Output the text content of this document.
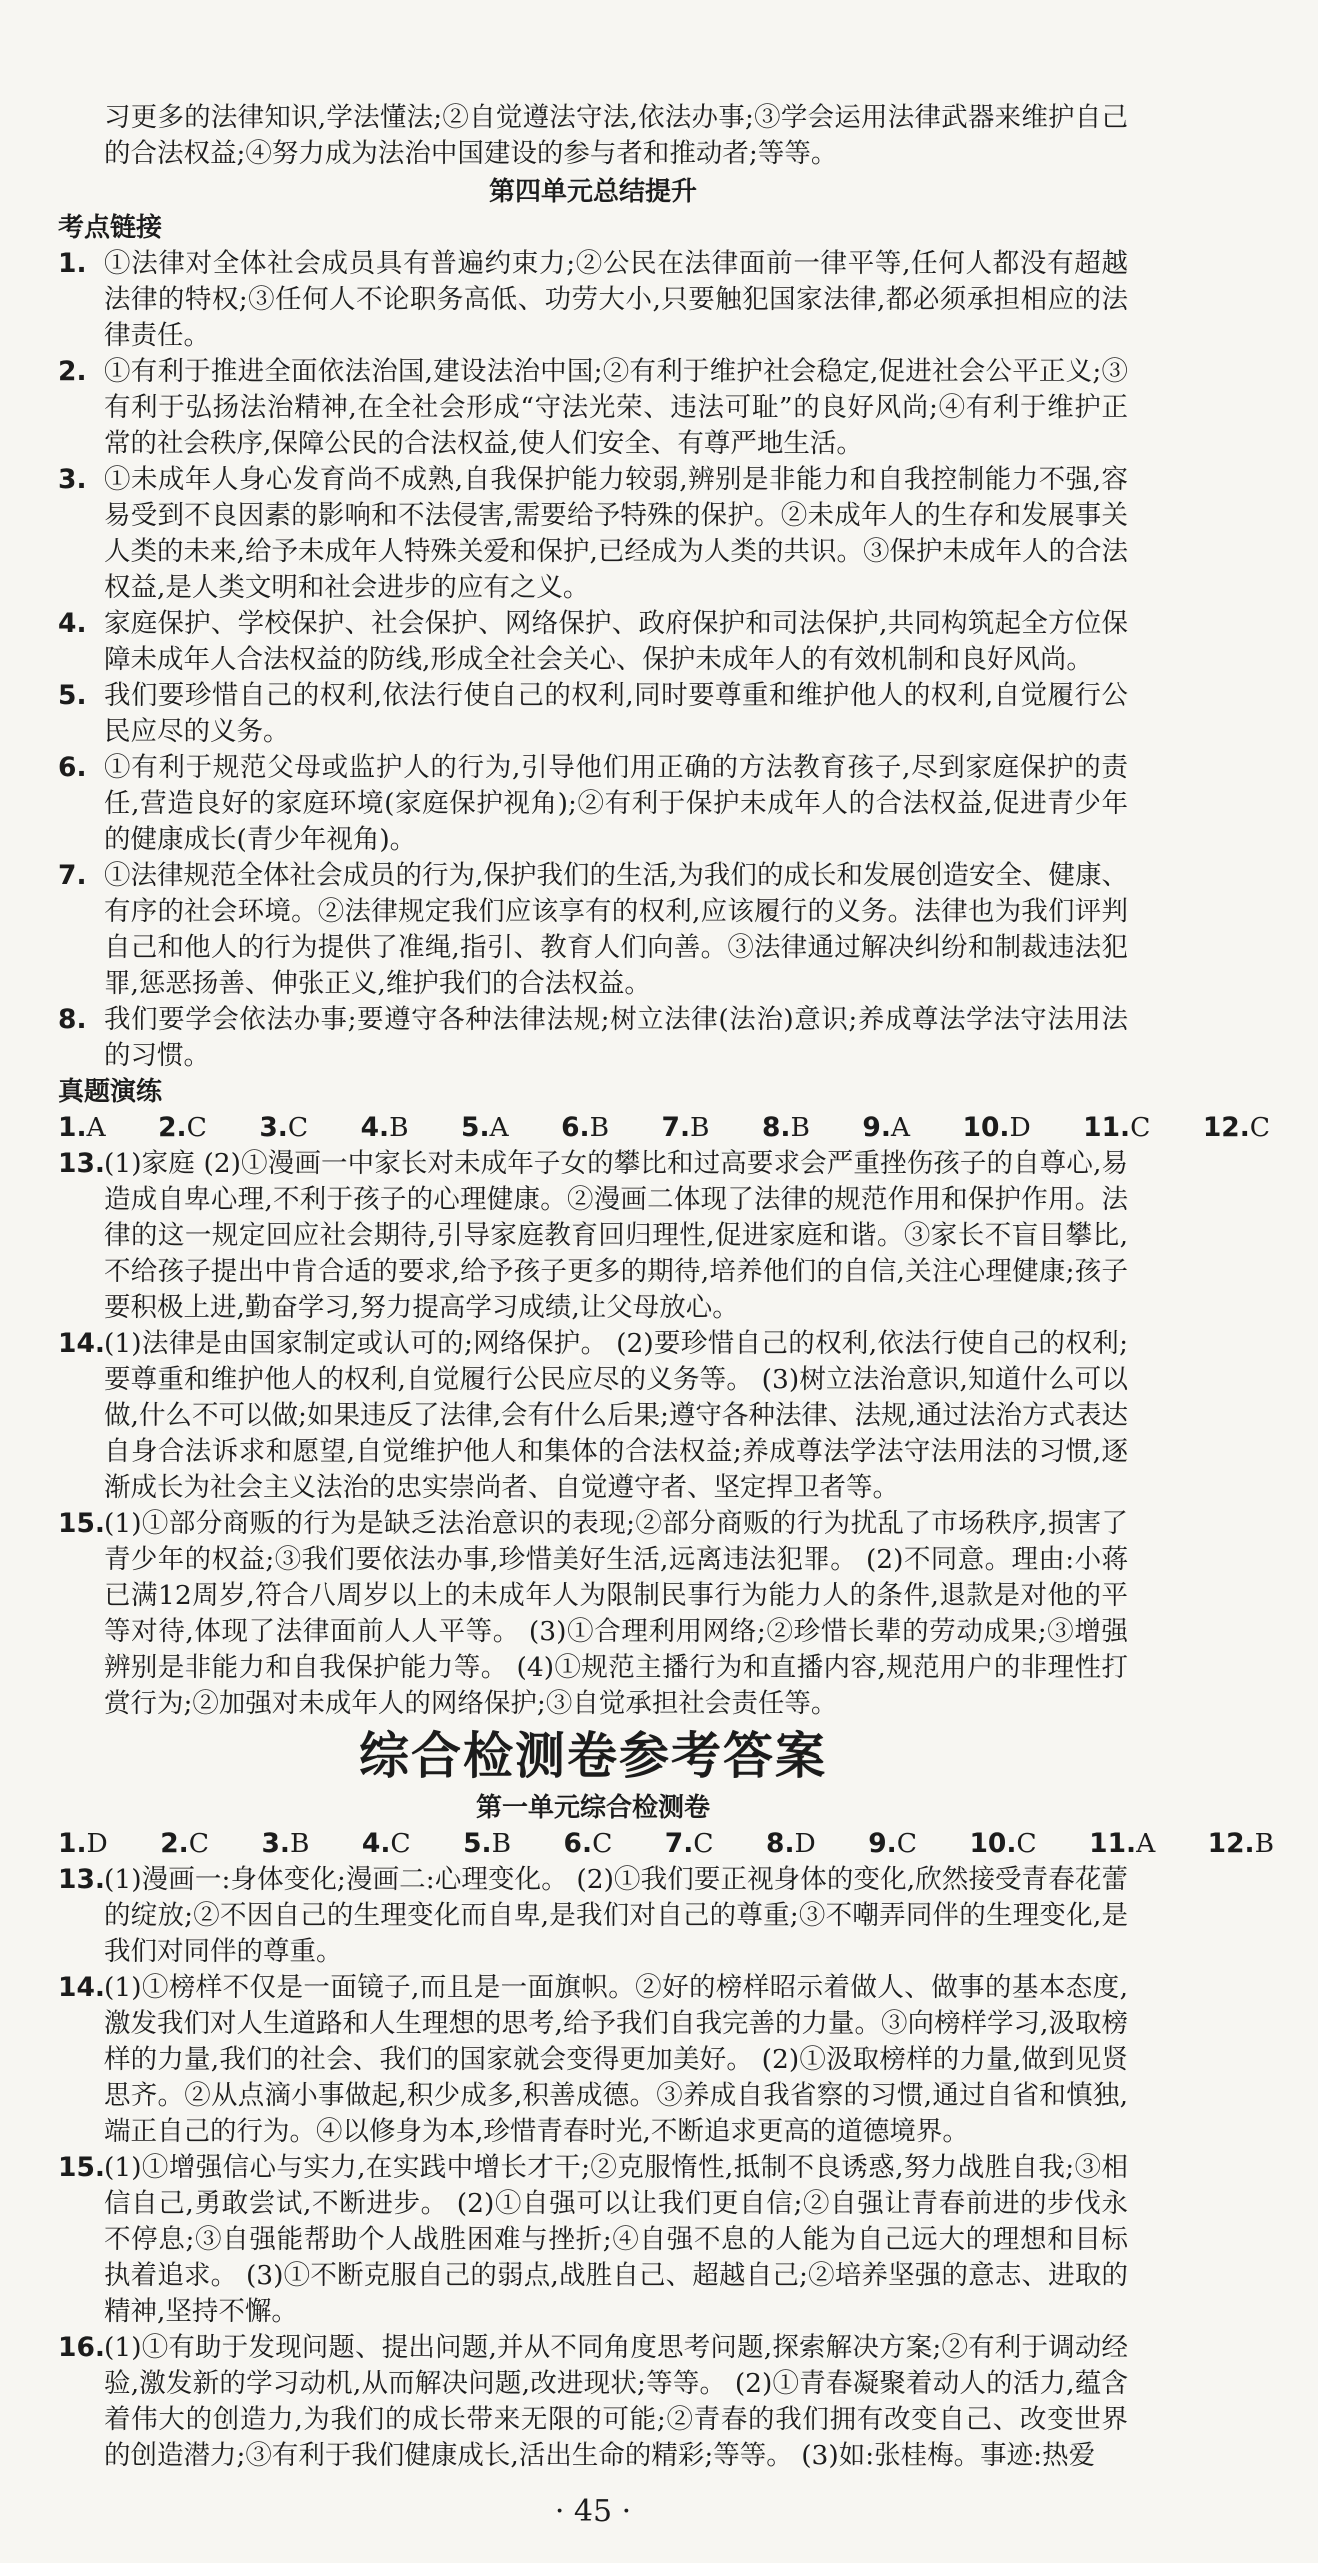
习更多的法律知识,学法懂法;②自觉遵法守法,依法办事;③学会运用法律武器来维护自己的合法权益;④努力成为法治中国建设的参与者和推动者;等等。
第四单元总结提升
考点链接
1. ①法律对全体社会成员具有普遍约束力;②公民在法律面前一律平等,任何人都没有超越法律的特权;③任何人不论职务高低、功劳大小,只要触犯国家法律,都必须承担相应的法律责任。
2. ①有利于推进全面依法治国,建设法治中国;②有利于维护社会稳定,促进社会公平正义;③有利于弘扬法治精神,在全社会形成“守法光荣、违法可耻”的良好风尚;④有利于维护正常的社会秩序,保障公民的合法权益,使人们安全、有尊严地生活。
3. ①未成年人身心发育尚不成熟,自我保护能力较弱,辨别是非能力和自我控制能力不强,容易受到不良因素的影响和不法侵害,需要给予特殊的保护。②未成年人的生存和发展事关人类的未来,给予未成年人特殊关爱和保护,已经成为人类的共识。③保护未成年人的合法权益,是人类文明和社会进步的应有之义。
4. 家庭保护、学校保护、社会保护、网络保护、政府保护和司法保护,共同构筑起全方位保障未成年人合法权益的防线,形成全社会关心、保护未成年人的有效机制和良好风尚。
5. 我们要珍惜自己的权利,依法行使自己的权利,同时要尊重和维护他人的权利,自觉履行公民应尽的义务。
6. ①有利于规范父母或监护人的行为,引导他们用正确的方法教育孩子,尽到家庭保护的责任,营造良好的家庭环境(家庭保护视角);②有利于保护未成年人的合法权益,促进青少年的健康成长(青少年视角)。
7. ①法律规范全体社会成员的行为,保护我们的生活,为我们的成长和发展创造安全、健康、有序的社会环境。②法律规定我们应该享有的权利,应该履行的义务。法律也为我们评判自己和他人的行为提供了准绳,指引、教育人们向善。③法律通过解决纠纷和制裁违法犯罪,惩恶扬善、伸张正义,维护我们的合法权益。
8. 我们要学会依法办事;要遵守各种法律法规;树立法律(法治)意识;养成尊法学法守法用法的习惯。
真题演练
1.A 2.C 3.C 4.B 5.A 6.B 7.B 8.B 9.A 10.D 11.C 12.C
13. (1)家庭 (2)①漫画一中家长对未成年子女的攀比和过高要求会严重挫伤孩子的自尊心,易造成自卑心理,不利于孩子的心理健康。②漫画二体现了法律的规范作用和保护作用。法律的这一规定回应社会期待,引导家庭教育回归理性,促进家庭和谐。③家长不盲目攀比,不给孩子提出中肯合适的要求,给予孩子更多的期待,培养他们的自信,关注心理健康;孩子要积极上进,勤奋学习,努力提高学习成绩,让父母放心。
14. (1)法律是由国家制定或认可的;网络保护。 (2)要珍惜自己的权利,依法行使自己的权利;要尊重和维护他人的权利,自觉履行公民应尽的义务等。 (3)树立法治意识,知道什么可以做,什么不可以做;如果违反了法律,会有什么后果;遵守各种法律、法规,通过法治方式表达自身合法诉求和愿望,自觉维护他人和集体的合法权益;养成尊法学法守法用法的习惯,逐渐成长为社会主义法治的忠实崇尚者、自觉遵守者、坚定捍卫者等。
15. (1)①部分商贩的行为是缺乏法治意识的表现;②部分商贩的行为扰乱了市场秩序,损害了青少年的权益;③我们要依法办事,珍惜美好生活,远离违法犯罪。 (2)不同意。理由:小蒋已满12周岁,符合八周岁以上的未成年人为限制民事行为能力人的条件,退款是对他的平等对待,体现了法律面前人人平等。 (3)①合理利用网络;②珍惜长辈的劳动成果;③增强辨别是非能力和自我保护能力等。 (4)①规范主播行为和直播内容,规范用户的非理性打赏行为;②加强对未成年人的网络保护;③自觉承担社会责任等。
综合检测卷参考答案
第一单元综合检测卷
1.D 2.C 3.B 4.C 5.B 6.C 7.C 8.D 9.C 10.C 11.A 12.B
13. (1)漫画一:身体变化;漫画二:心理变化。 (2)①我们要正视身体的变化,欣然接受青春花蕾的绽放;②不因自己的生理变化而自卑,是我们对自己的尊重;③不嘲弄同伴的生理变化,是我们对同伴的尊重。
14. (1)①榜样不仅是一面镜子,而且是一面旗帜。②好的榜样昭示着做人、做事的基本态度,激发我们对人生道路和人生理想的思考,给予我们自我完善的力量。③向榜样学习,汲取榜样的力量,我们的社会、我们的国家就会变得更加美好。 (2)①汲取榜样的力量,做到见贤思齐。②从点滴小事做起,积少成多,积善成德。③养成自我省察的习惯,通过自省和慎独,端正自己的行为。④以修身为本,珍惜青春时光,不断追求更高的道德境界。
15. (1)①增强信心与实力,在实践中增长才干;②克服惰性,抵制不良诱惑,努力战胜自我;③相信自己,勇敢尝试,不断进步。 (2)①自强可以让我们更自信;②自强让青春前进的步伐永不停息;③自强能帮助个人战胜困难与挫折;④自强不息的人能为自己远大的理想和目标执着追求。 (3)①不断克服自己的弱点,战胜自己、超越自己;②培养坚强的意志、进取的精神,坚持不懈。
16. (1)①有助于发现问题、提出问题,并从不同角度思考问题,探索解决方案;②有利于调动经验,激发新的学习动机,从而解决问题,改进现状;等等。 (2)①青春凝聚着动人的活力,蕴含着伟大的创造力,为我们的成长带来无限的可能;②青春的我们拥有改变自己、改变世界的创造潜力;③有利于我们健康成长,活出生命的精彩;等等。 (3)如:张桂梅。事迹:热爱
· 45 ·
